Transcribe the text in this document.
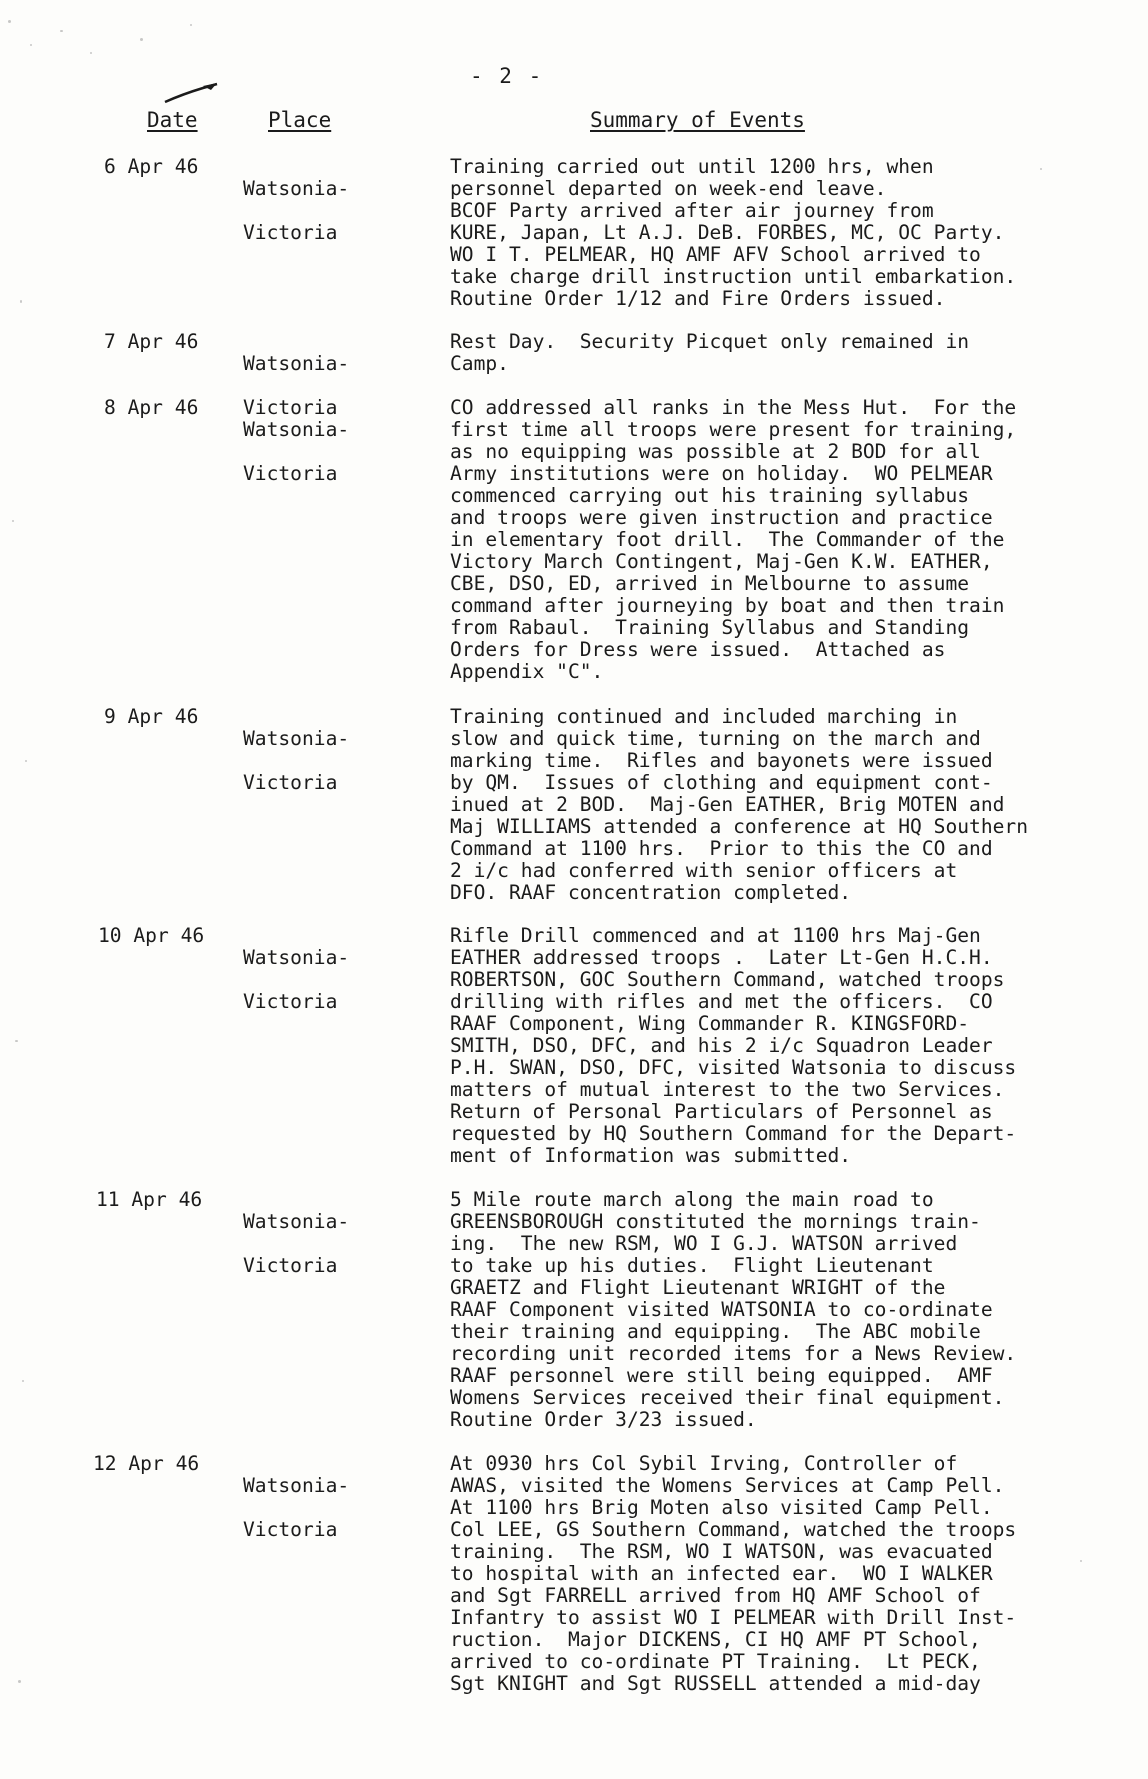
- 2 -
Date	Place	Summary of Events
6 Apr 46

Watsonia-

Victoria

Training carried out until 1200 hrs, when
personnel departed on week-end leave.
BCOF Party arrived after air journey from
KURE, Japan, Lt A.J. DeB. FORBES, MC, OC Party.
WO I T. PELMEAR, HQ AMF AFV School arrived to
take charge drill instruction until embarkation.
Routine Order 1/12 and Fire Orders issued.
7 Apr 46

Watsonia-

Victoria

Rest Day.  Security Picquet only remained in
Camp.
8 Apr 46

Watsonia-

Victoria

CO addressed all ranks in the Mess Hut.  For the
first time all troops were present for training,
as no equipping was possible at 2 BOD for all
Army institutions were on holiday.  WO PELMEAR
commenced carrying out his training syllabus
and troops were given instruction and practice
in elementary foot drill.  The Commander of the
Victory March Contingent, Maj-Gen K.W. EATHER,
CBE, DSO, ED, arrived in Melbourne to assume
command after journeying by boat and then train
from Rabaul.  Training Syllabus and Standing
Orders for Dress were issued.  Attached as
Appendix "C".
9 Apr 46

Watsonia-

Victoria

Training continued and included marching in
slow and quick time, turning on the march and
marking time.  Rifles and bayonets were issued
by QM.  Issues of clothing and equipment cont-
inued at 2 BOD.  Maj-Gen EATHER, Brig MOTEN and
Maj WILLIAMS attended a conference at HQ Southern
Command at 1100 hrs.  Prior to this the CO and
2 i/c had conferred with senior officers at
DFO. RAAF concentration completed.
10 Apr 46

Watsonia-

Victoria

Rifle Drill commenced and at 1100 hrs Maj-Gen
EATHER addressed troops .  Later Lt-Gen H.C.H.
ROBERTSON, GOC Southern Command, watched troops
drilling with rifles and met the officers.  CO
RAAF Component, Wing Commander R. KINGSFORD-
SMITH, DSO, DFC, and his 2 i/c Squadron Leader
P.H. SWAN, DSO, DFC, visited Watsonia to discuss
matters of mutual interest to the two Services.
Return of Personal Particulars of Personnel as
requested by HQ Southern Command for the Depart-
ment of Information was submitted.
11 Apr 46

Watsonia-

Victoria

5 Mile route march along the main road to
GREENSBOROUGH constituted the mornings train-
ing.  The new RSM, WO I G.J. WATSON arrived
to take up his duties.  Flight Lieutenant
GRAETZ and Flight Lieutenant WRIGHT of the
RAAF Component visited WATSONIA to co-ordinate
their training and equipping.  The ABC mobile
recording unit recorded items for a News Review.
RAAF personnel were still being equipped.  AMF
Womens Services received their final equipment.
Routine Order 3/23 issued.
12 Apr 46

Watsonia-

Victoria

At 0930 hrs Col Sybil Irving, Controller of
AWAS, visited the Womens Services at Camp Pell.
At 1100 hrs Brig Moten also visited Camp Pell.
Col LEE, GS Southern Command, watched the troops
training.  The RSM, WO I WATSON, was evacuated
to hospital with an infected ear.  WO I WALKER
and Sgt FARRELL arrived from HQ AMF School of
Infantry to assist WO I PELMEAR with Drill Inst-
ruction.  Major DICKENS, CI HQ AMF PT School,
arrived to co-ordinate PT Training.  Lt PECK,
Sgt KNIGHT and Sgt RUSSELL attended a mid-day
